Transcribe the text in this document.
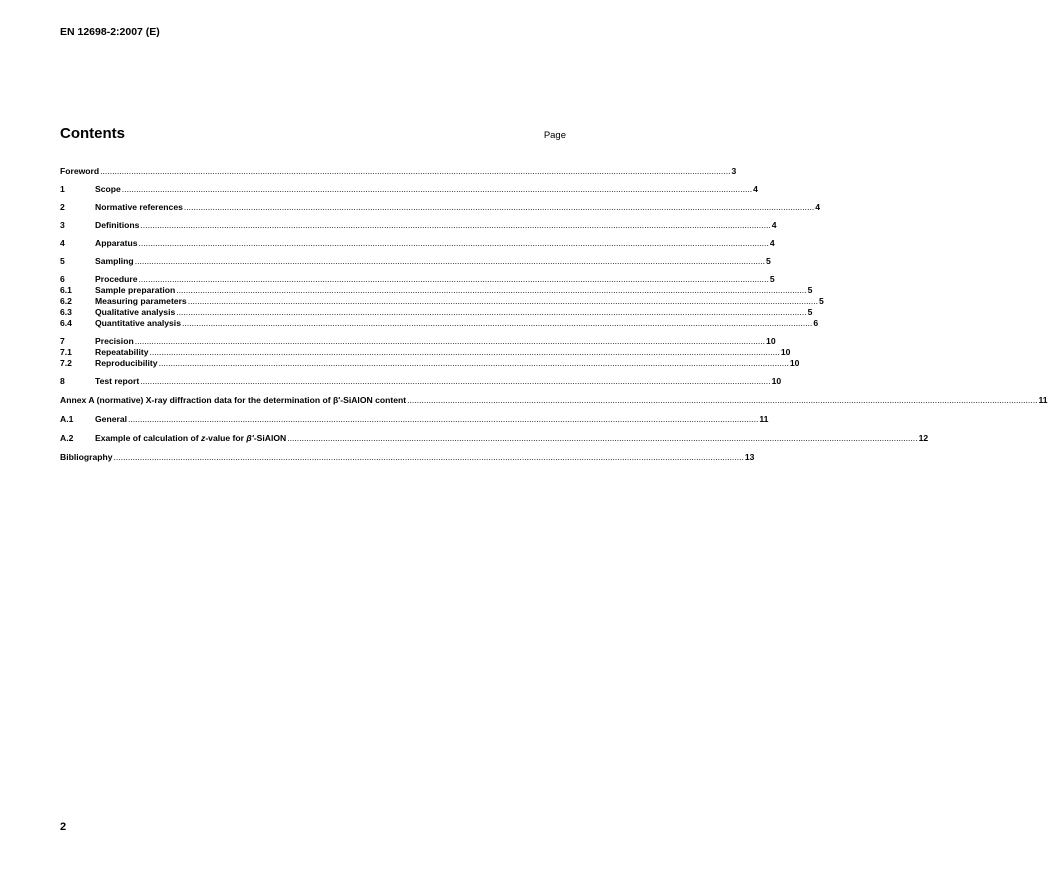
EN 12698-2:2007 (E)
Contents	Page
Foreword .....	3
1	Scope .....	4
2	Normative references .....	4
3	Definitions .....	4
4	Apparatus .....	4
5	Sampling .....	5
6	Procedure .....	5
6.1	Sample preparation .....	5
6.2	Measuring parameters .....	5
6.3	Qualitative analysis .....	5
6.4	Quantitative analysis .....	6
7	Precision .....	10
7.1	Repeatability .....	10
7.2	Reproducibility .....	10
8	Test report .....	10
Annex A (normative) X-ray diffraction data for the determination of β'-SiAlON content .....	11
A.1	General .....	11
A.2	Example of calculation of z-value for β'-SiAlON .....	12
Bibliography .....	13
2
